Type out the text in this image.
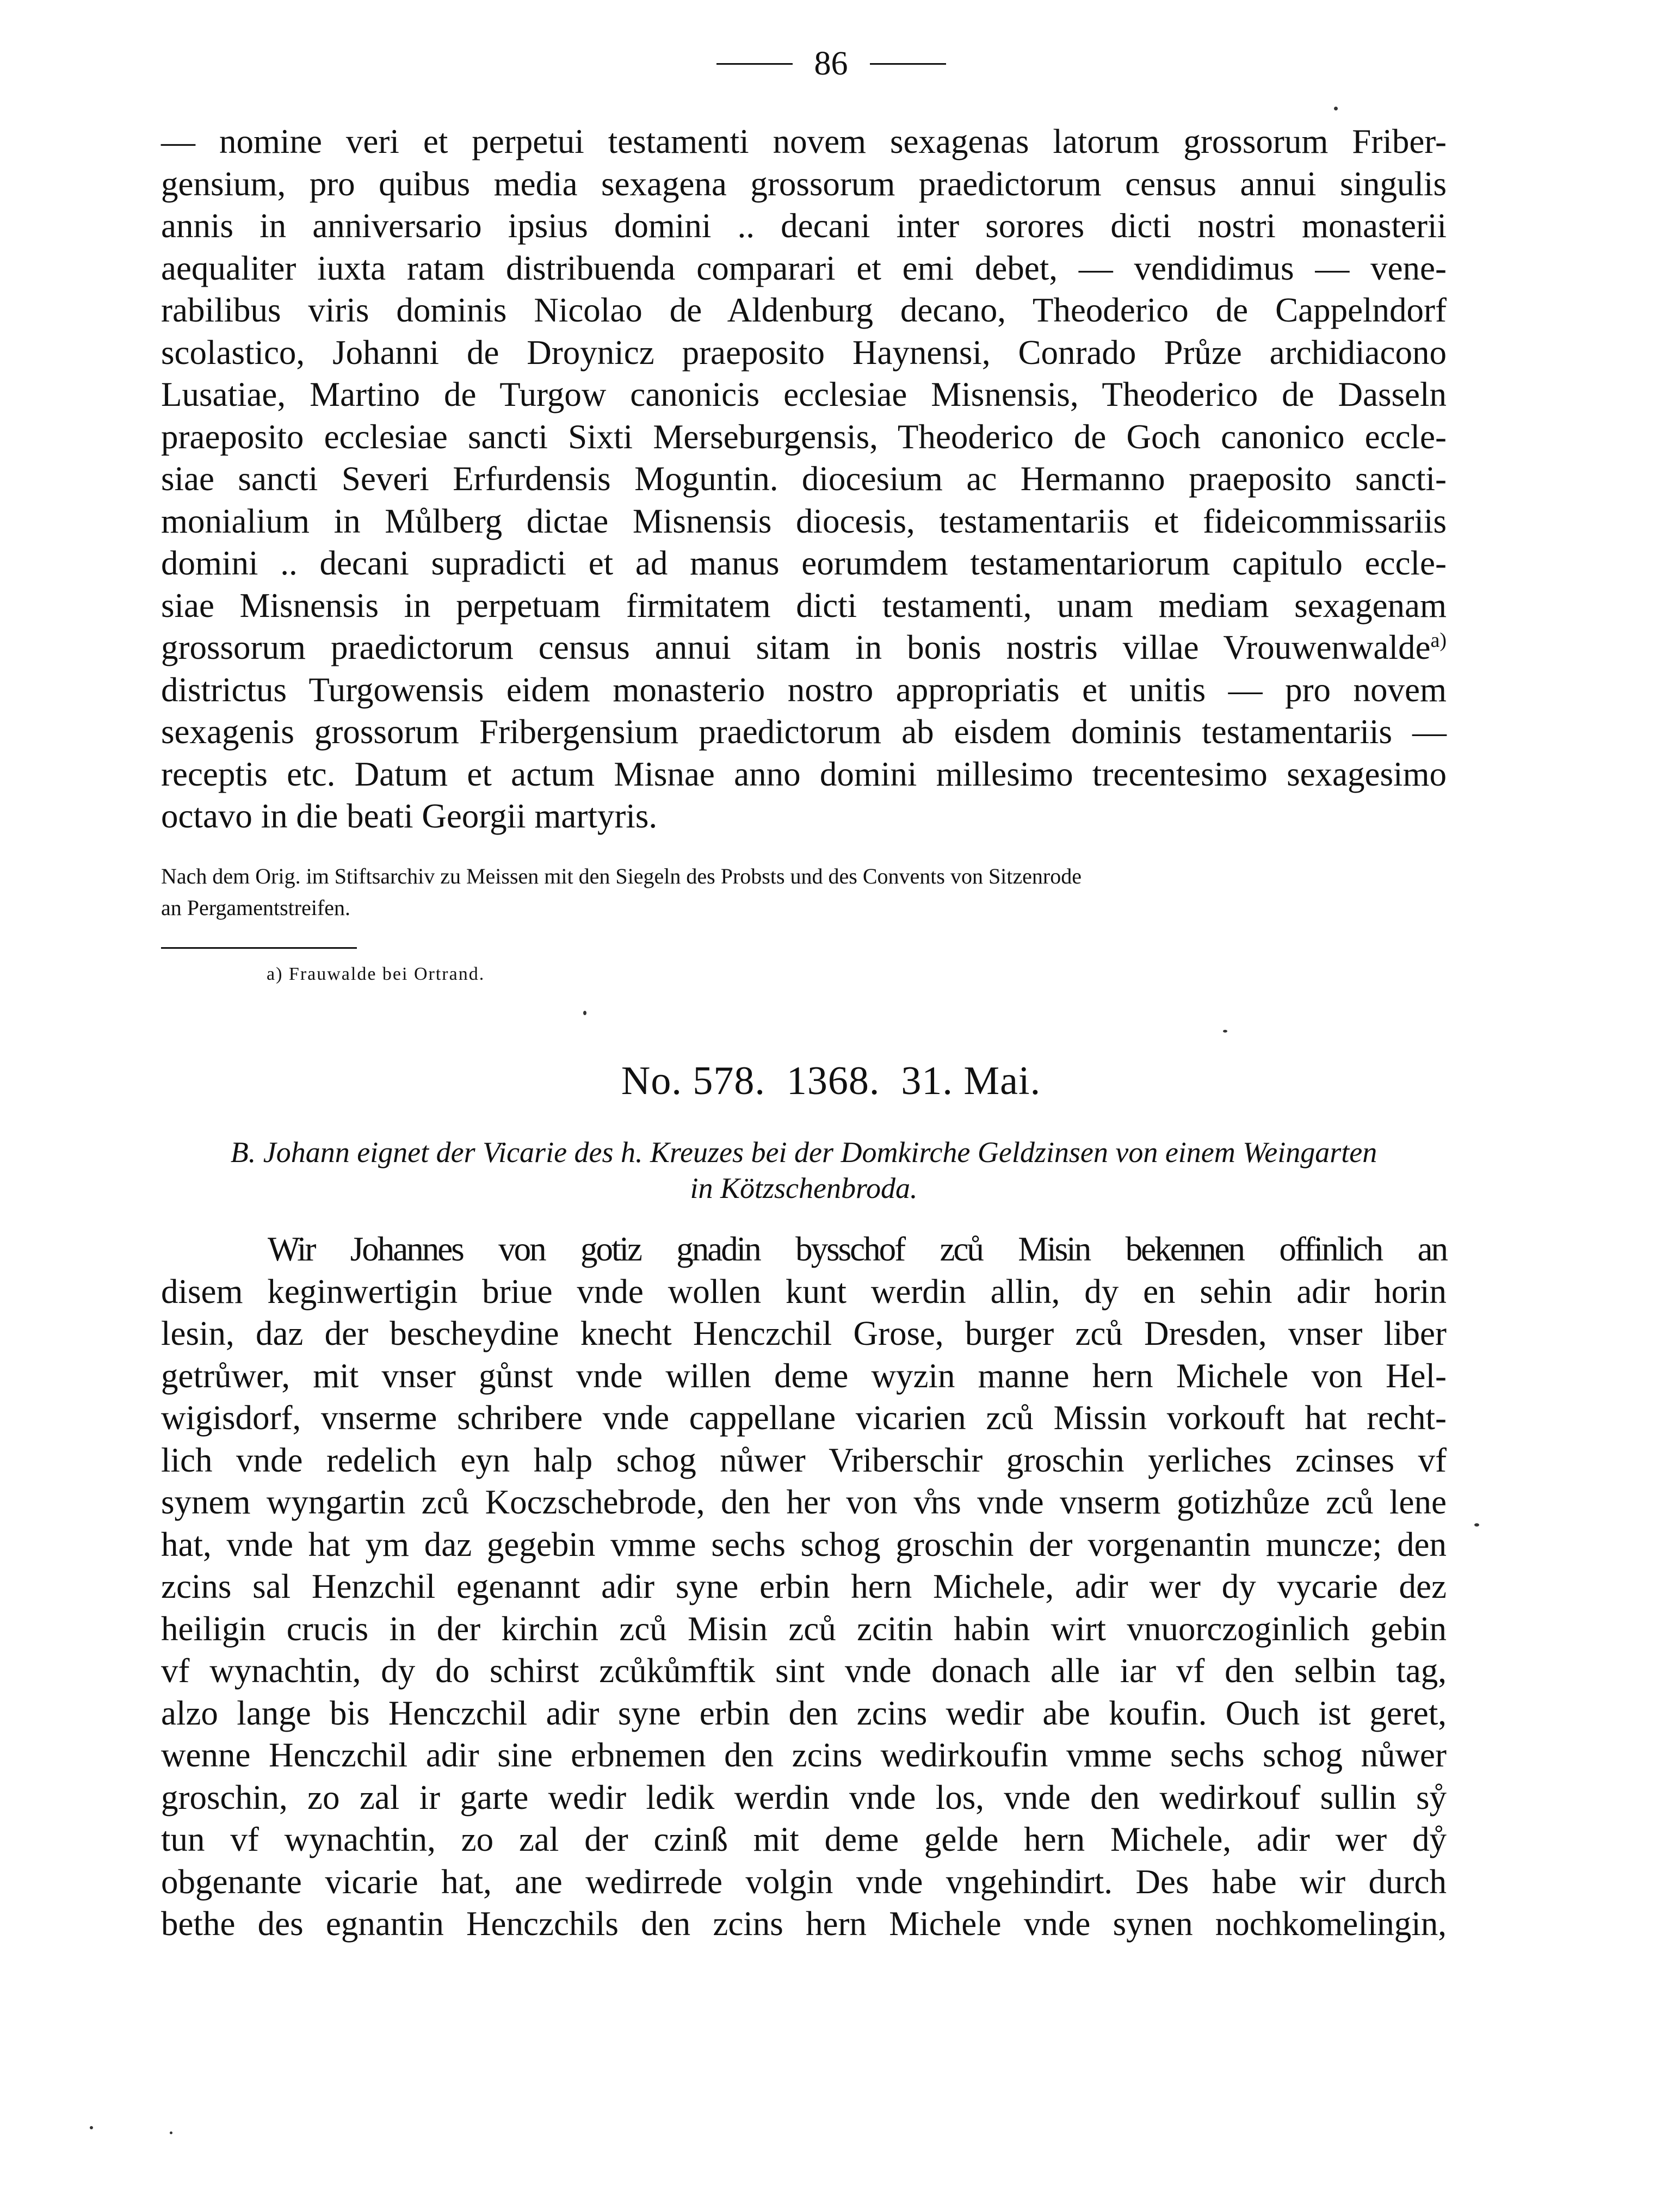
86
— nomine veri et perpetui testamenti novem sexagenas latorum grossorum Friber-
gensium, pro quibus media sexagena grossorum praedictorum census annui singulis
annis in anniversario ipsius domini .. decani inter sorores dicti nostri monasterii
aequaliter iuxta ratam distribuenda comparari et emi debet, — vendidimus — vene-
rabilibus viris dominis Nicolao de Aldenburg decano, Theoderico de Cappelndorf
scolastico, Johanni de Droynicz praeposito Haynensi, Conrado Průze archidiacono
Lusatiae, Martino de Turgow canonicis ecclesiae Misnensis, Theoderico de Dasseln
praeposito ecclesiae sancti Sixti Merseburgensis, Theoderico de Goch canonico eccle-
siae sancti Severi Erfurdensis Moguntin. diocesium ac Hermanno praeposito sancti-
monialium in Můlberg dictae Misnensis diocesis, testamentariis et fideicommissariis
domini .. decani supradicti et ad manus eorumdem testamentariorum capitulo eccle-
siae Misnensis in perpetuam firmitatem dicti testamenti, unam mediam sexagenam
grossorum praedictorum census annui sitam in bonis nostris villae Vrouwenwalde$^{a)}$
districtus Turgowensis eidem monasterio nostro appropriatis et unitis — pro novem
sexagenis grossorum Fribergensium praedictorum ab eisdem dominis testamentariis —
receptis etc. Datum et actum Misnae anno domini millesimo trecentesimo sexagesimo
octavo in die beati Georgii martyris.
Nach dem Orig. im Stiftsarchiv zu Meissen mit den Siegeln des Probsts und des Convents von Sitzenrode
an Pergamentstreifen.
a) Frauwalde bei Ortrand.
No. 578.  1368.  31. Mai.
B. Johann eignet der Vicarie des h. Kreuzes bei der Domkirche Geldzinsen von einem Weingarten
in Kötzschenbroda.
Wir Johannes von gotiz gnadin bysschof zců Misin bekennen offinlich an
disem keginwertigin briue vnde wollen kunt werdin allin, dy en sehin adir horin
lesin, daz der bescheydine knecht Henczchil Grose, burger zců Dresden, vnser liber
getrůwer, mit vnser gůnst vnde willen deme wyzin manne hern Michele von Hel-
wigisdorf, vnserme schribere vnde cappellane vicarien zců Missin vorkouft hat recht-
lich vnde redelich eyn halp schog nůwer Vriberschir groschin yerliches zcinses vf
synem wyngartin zců Koczschebrode, den her von v̊ns vnde vnserm gotizhůze zců lene
hat, vnde hat ym daz gegebin vmme sechs schog groschin der vorgenantin muncze; den
zcins sal Henzchil egenannt adir syne erbin hern Michele, adir wer dy vycarie dez
heiligin crucis in der kirchin zců Misin zců zcitin habin wirt vnuorczoginlich gebin
vf wynachtin, dy do schirst zcůkůmftik sint vnde donach alle iar vf den selbin tag,
alzo lange bis Henczchil adir syne erbin den zcins wedir abe koufin. Ouch ist geret,
wenne Henczchil adir sine erbnemen den zcins wedirkoufin vmme sechs schog nůwer
groschin, zo zal ir garte wedir ledik werdin vnde los, vnde den wedirkouf sullin sẙ
tun vf wynachtin, zo zal der czinß mit deme gelde hern Michele, adir wer dẙ
obgenante vicarie hat, ane wedirrede volgin vnde vngehindirt. Des habe wir durch
bethe des egnantin Henczchils den zcins hern Michele vnde synen nochkomelingin,
